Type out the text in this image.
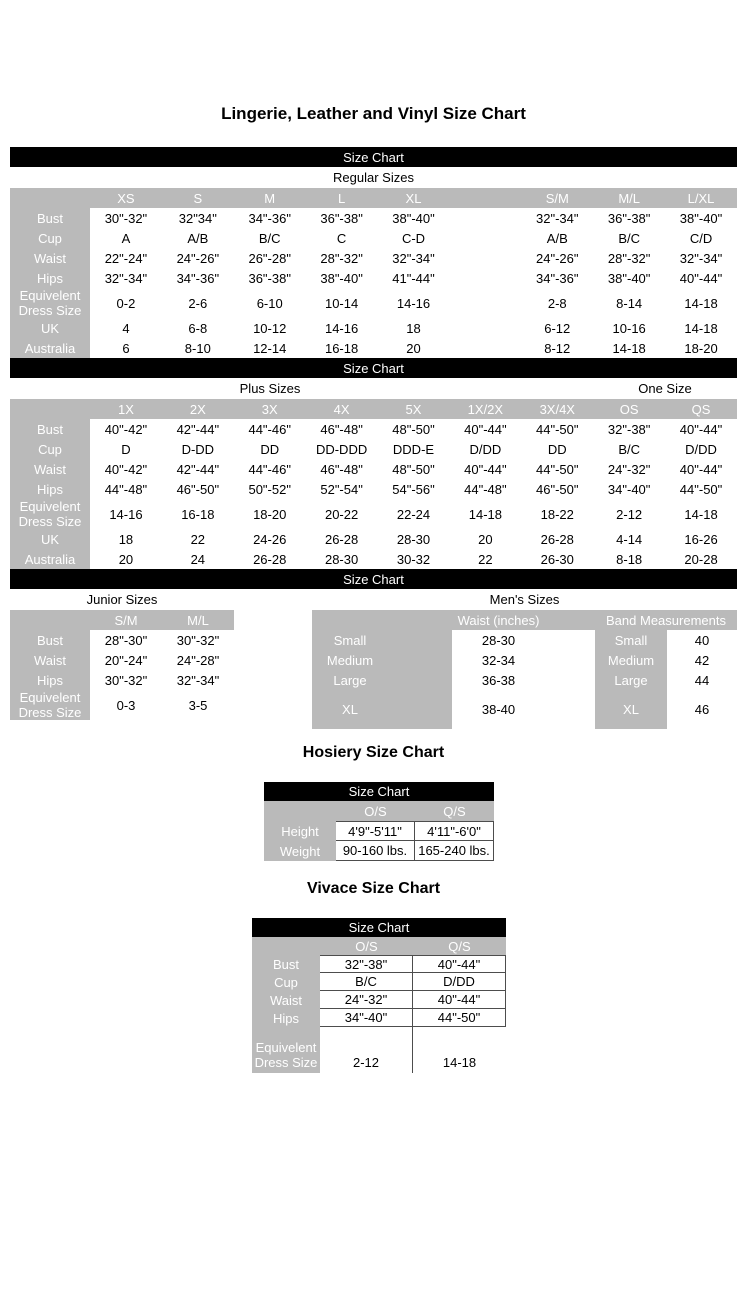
Lingerie, Leather and Vinyl Size Chart
Size Chart
Regular Sizes
XS	S	M	L	XL	S/M	M/L	L/XL
Bust	30"-32"	32"34"	34"-36"	36"-38"	38"-40"	32"-34"	36"-38"	38"-40"
Cup	A	A/B	B/C	C	C-D	A/B	B/C	C/D
Waist	22"-24"	24"-26"	26"-28"	28"-32"	32"-34"	24"-26"	28"-32"	32"-34"
Hips	32"-34"	34"-36"	36"-38"	38"-40"	41"-44"	34"-36"	38"-40"	40"-44"
Equivelent Dress Size	0-2	2-6	6-10	10-14	14-16	2-8	8-14	14-18
UK	4	6-8	10-12	14-16	18	6-12	10-16	14-18
Australia	6	8-10	12-14	16-18	20	8-12	14-18	18-20
Size Chart
Plus Sizes	One Size
1X	2X	3X	4X	5X	1X/2X	3X/4X	OS	QS
Bust	40"-42"	42"-44"	44"-46"	46"-48"	48"-50"	40"-44"	44"-50"	32"-38"	40"-44"
Cup	D	D-DD	DD	DD-DDD	DDD-E	D/DD	DD	B/C	D/DD
Waist	40"-42"	42"-44"	44"-46"	46"-48"	48"-50"	40"-44"	44"-50"	24"-32"	40"-44"
Hips	44"-48"	46"-50"	50"-52"	52"-54"	54"-56"	44"-48"	46"-50"	34"-40"	44"-50"
Equivelent Dress Size	14-16	16-18	18-20	20-22	22-24	14-18	18-22	2-12	14-18
UK	18	22	24-26	26-28	28-30	20	26-28	4-14	16-26
Australia	20	24	26-28	28-30	30-32	22	26-30	8-18	20-28
Size Chart
Junior Sizes	Men's Sizes
S/M	M/L
Bust	28"-30"	30"-32"
Waist	20"-24"	24"-28"
Hips	30"-32"	32"-34"
Equivelent Dress Size	0-3	3-5
Waist (inches)	Band Measurements
Small	28-30	Small	40
Medium	32-34	Medium	42
Large	36-38	Large	44
XL	38-40	XL	46
Hosiery Size Chart
Size Chart
O/S	Q/S
Height	4'9"-5'11"	4'11"-6'0"
Weight	90-160 lbs. 165-240 lbs.
Vivace Size Chart
Size Chart
O/S	Q/S
Bust	32"-38"	40"-44"
Cup	B/C	D/DD
Waist	24"-32"	40"-44"
Hips	34"-40"	44"-50"
Equivelent Dress Size	2-12	14-18
